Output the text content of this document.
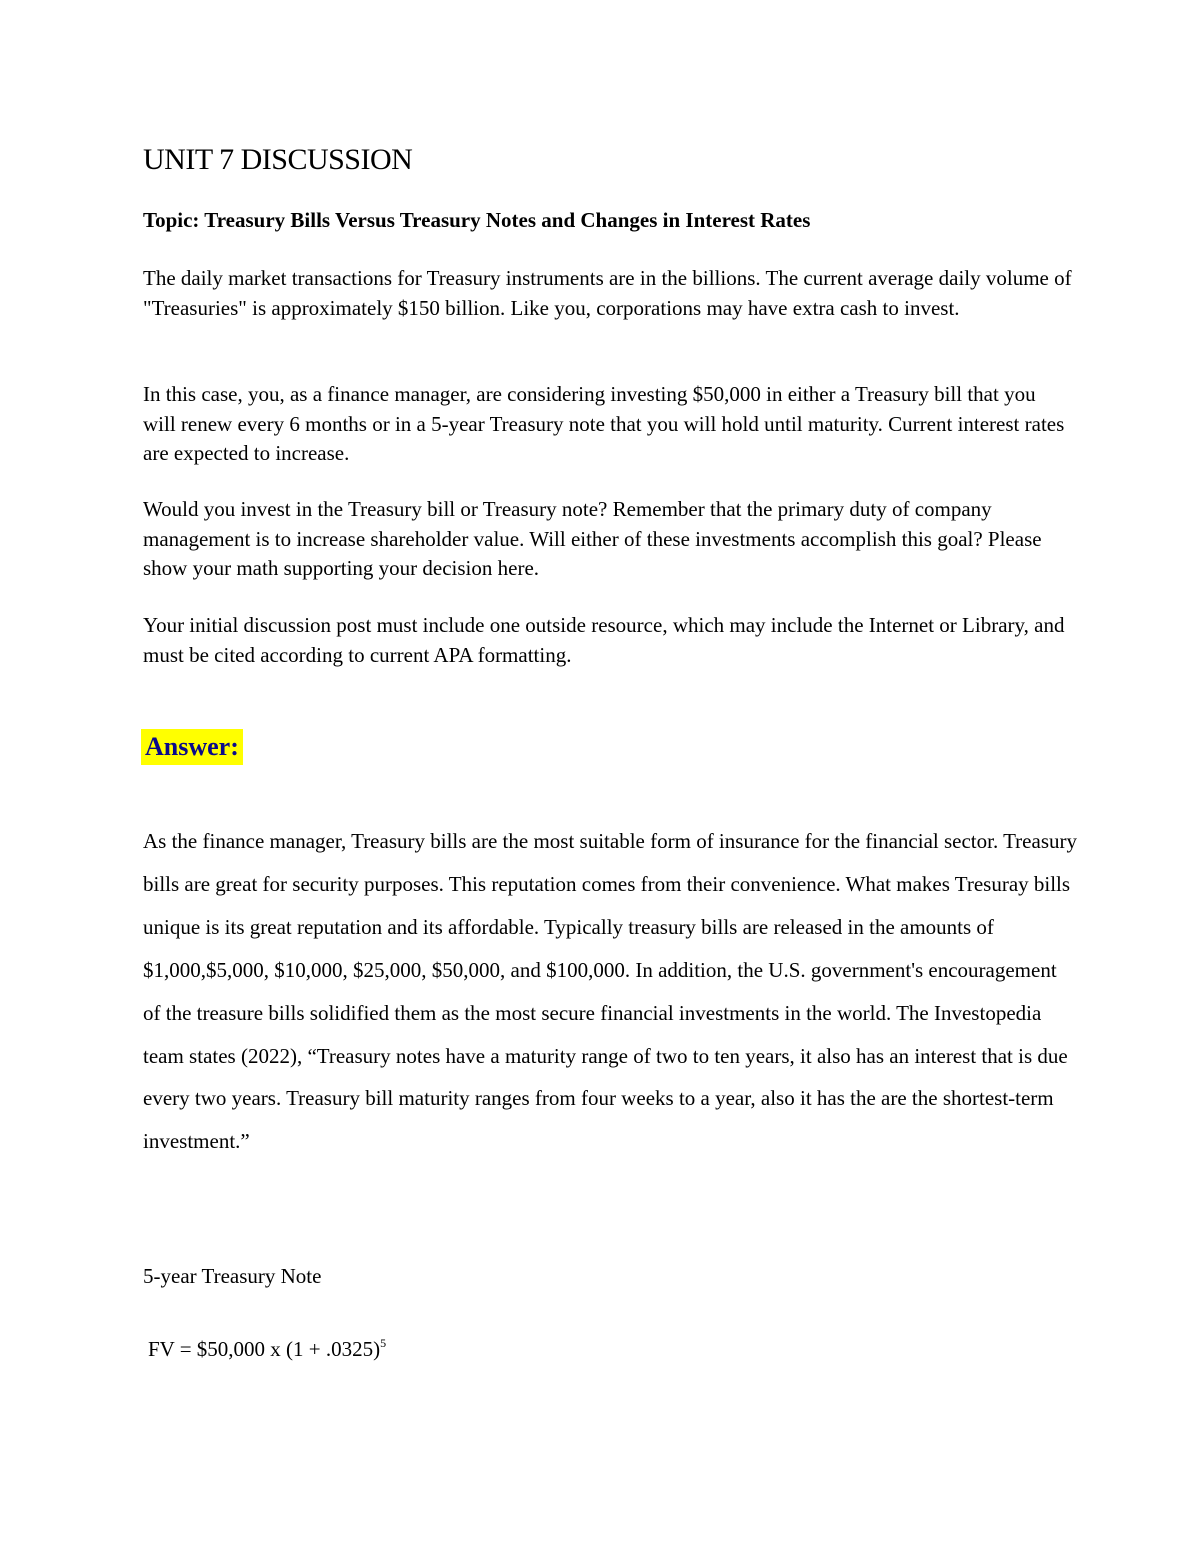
UNIT 7 DISCUSSION

Topic: Treasury Bills Versus Treasury Notes and Changes in Interest Rates

The daily market transactions for Treasury instruments are in the billions. The current average daily volume of "Treasuries" is approximately $150 billion. Like you, corporations may have extra cash to invest.

In this case, you, as a finance manager, are considering investing $50,000 in either a Treasury bill that you will renew every 6 months or in a 5-year Treasury note that you will hold until maturity. Current interest rates are expected to increase.

Would you invest in the Treasury bill or Treasury note? Remember that the primary duty of company management is to increase shareholder value. Will either of these investments accomplish this goal? Please show your math supporting your decision here.

Your initial discussion post must include one outside resource, which may include the Internet or Library, and must be cited according to current APA formatting.

Answer:

As the finance manager, Treasury bills are the most suitable form of insurance for the financial sector. Treasury bills are great for security purposes. This reputation comes from their convenience. What makes Tresuray bills unique is its great reputation and its affordable. Typically treasury bills are released in the amounts of $1,000,$5,000, $10,000, $25,000, $50,000, and $100,000. In addition, the U.S. government's encouragement of the treasure bills solidified them as the most secure financial investments in the world. The Investopedia team states (2022), “Treasury notes have a maturity range of two to ten years, it also has an interest that is due every two years. Treasury bill maturity ranges from four weeks to a year, also it has the are the shortest-term investment.”

5-year Treasury Note

FV = $50,000 x $(1 + .0325)^5$
